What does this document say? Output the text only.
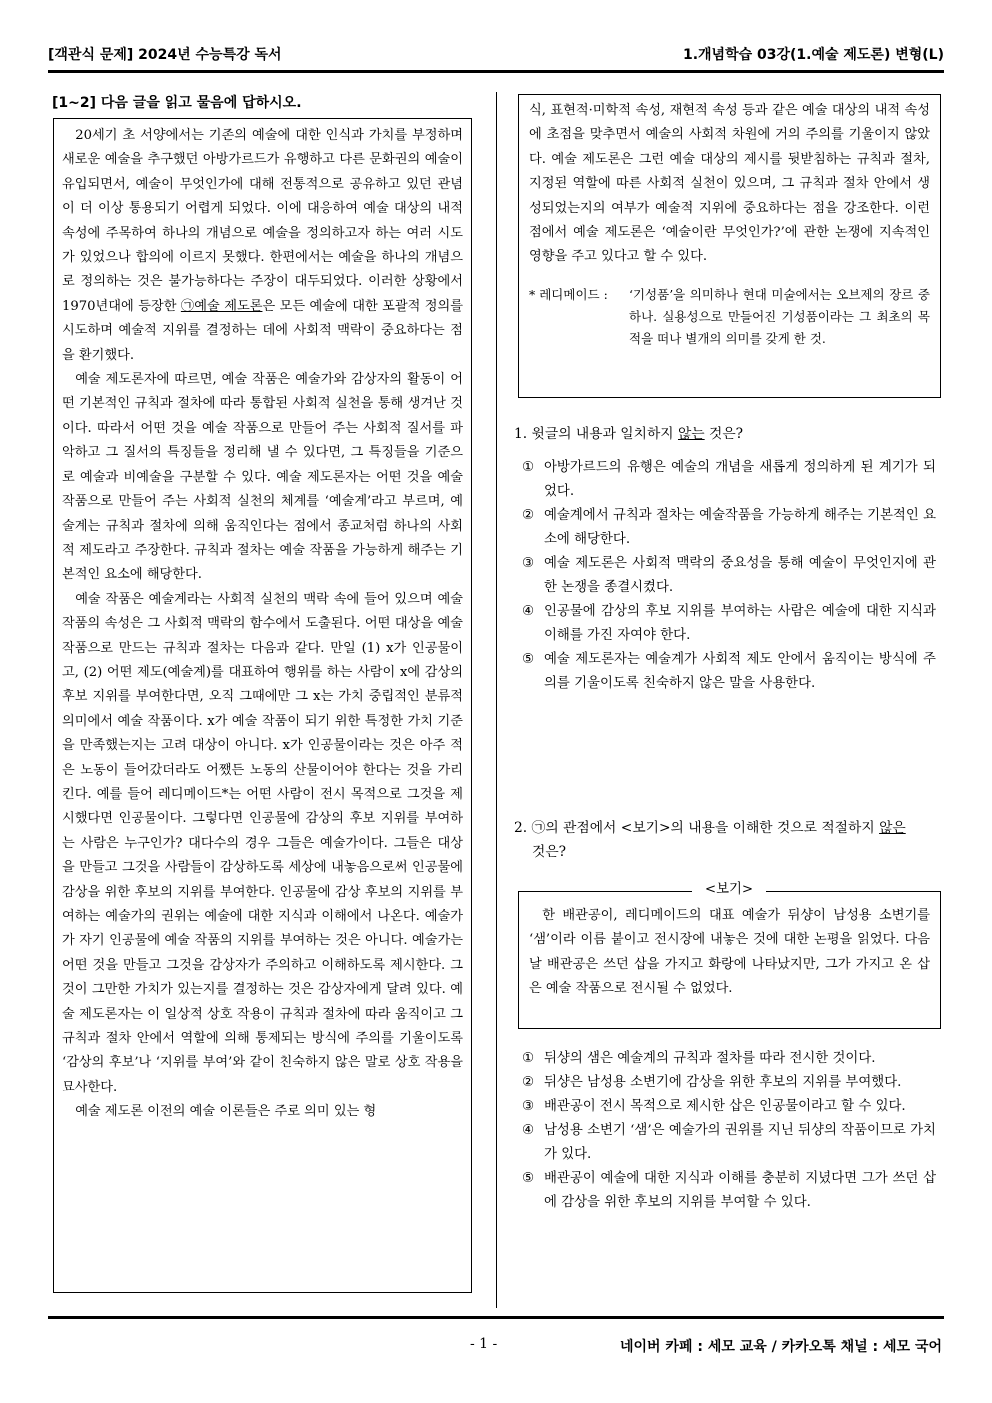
[객관식 문제] 2024년 수능특강 독서	1.개념학습 03강(1.예술 제도론) 변형(L)
[1~2] 다음 글을 읽고 물음에 답하시오.

20세기 초 서양에서는 기존의 예술에 대한 인식과 가치를 부정하며 새로운 예술을 추구했던 아방가르드가 유행하고 다른 문화권의 예술이 유입되면서, 예술이 무엇인가에 대해 전통적으로 공유하고 있던 관념이 더 이상 통용되기 어렵게 되었다. 이에 대응하여 예술 대상의 내적 속성에 주목하여 하나의 개념으로 예술을 정의하고자 하는 여러 시도가 있었으나 합의에 이르지 못했다. 한편에서는 예술을 하나의 개념으로 정의하는 것은 불가능하다는 주장이 대두되었다. 이러한 상황에서 1970년대에 등장한 ㉠예술 제도론은 모든 예술에 대한 포괄적 정의를 시도하며 예술적 지위를 결정하는 데에 사회적 맥락이 중요하다는 점을 환기했다.

예술 제도론자에 따르면, 예술 작품은 예술가와 감상자의 활동이 어떤 기본적인 규칙과 절차에 따라 통합된 사회적 실천을 통해 생겨난 것이다. 따라서 어떤 것을 예술 작품으로 만들어 주는 사회적 질서를 파악하고 그 질서의 특징들을 정리해 낼 수 있다면, 그 특징들을 기준으로 예술과 비예술을 구분할 수 있다. 예술 제도론자는 어떤 것을 예술 작품으로 만들어 주는 사회적 실천의 체계를 ‘예술계’라고 부르며, 예술계는 규칙과 절차에 의해 움직인다는 점에서 종교처럼 하나의 사회적 제도라고 주장한다. 규칙과 절차는 예술 작품을 가능하게 해주는 기본적인 요소에 해당한다.

예술 작품은 예술계라는 사회적 실천의 맥락 속에 들어 있으며 예술 작품의 속성은 그 사회적 맥락의 함수에서 도출된다. 어떤 대상을 예술 작품으로 만드는 규칙과 절차는 다음과 같다. 만일 (1) x가 인공물이고, (2) 어떤 제도(예술계)를 대표하여 행위를 하는 사람이 x에 감상의 후보 지위를 부여한다면, 오직 그때에만 그 x는 가치 중립적인 분류적 의미에서 예술 작품이다. x가 예술 작품이 되기 위한 특정한 가치 기준을 만족했는지는 고려 대상이 아니다. x가 인공물이라는 것은 아주 적은 노동이 들어갔더라도 어쨌든 노동의 산물이어야 한다는 것을 가리킨다. 예를 들어 레디메이드*는 어떤 사람이 전시 목적으로 그것을 제시했다면 인공물이다. 그렇다면 인공물에 감상의 후보 지위를 부여하는 사람은 누구인가? 대다수의 경우 그들은 예술가이다. 그들은 대상을 만들고 그것을 사람들이 감상하도록 세상에 내놓음으로써 인공물에 감상을 위한 후보의 지위를 부여한다. 인공물에 감상 후보의 지위를 부여하는 예술가의 권위는 예술에 대한 지식과 이해에서 나온다. 예술가가 자기 인공물에 예술 작품의 지위를 부여하는 것은 아니다. 예술가는 어떤 것을 만들고 그것을 감상자가 주의하고 이해하도록 제시한다. 그것이 그만한 가치가 있는지를 결정하는 것은 감상자에게 달려 있다. 예술 제도론자는 이 일상적 상호 작용이 규칙과 절차에 따라 움직이고 그 규칙과 절차 안에서 역할에 의해 통제되는 방식에 주의를 기울이도록 ‘감상의 후보’나 ‘지위를 부여’와 같이 친숙하지 않은 말로 상호 작용을 묘사한다.

예술 제도론 이전의 예술 이론들은 주로 의미 있는 형

식, 표현적·미학적 속성, 재현적 속성 등과 같은 예술 대상의 내적 속성에 초점을 맞추면서 예술의 사회적 차원에 거의 주의를 기울이지 않았다. 예술 제도론은 그런 예술 대상의 제시를 뒷받침하는 규칙과 절차, 지정된 역할에 따른 사회적 실천이 있으며, 그 규칙과 절차 안에서 생성되었는지의 여부가 예술적 지위에 중요하다는 점을 강조한다. 이런 점에서 예술 제도론은 ‘예술이란 무엇인가?’에 관한 논쟁에 지속적인 영향을 주고 있다고 할 수 있다.

* 레디메이드 :	‘기성품’을 의미하나 현대 미술에서는 오브제의 장르 중 하나. 실용성으로 만들어진 기성품이라는 그 최초의 목적을 떠나 별개의 의미를 갖게 한 것.
1. 윗글의 내용과 일치하지 않는 것은?
① 아방가르드의 유행은 예술의 개념을 새롭게 정의하게 된 계기가 되었다.
② 예술계에서 규칙과 절차는 예술작품을 가능하게 해주는 기본적인 요소에 해당한다.
③ 예술 제도론은 사회적 맥락의 중요성을 통해 예술이 무엇인지에 관한 논쟁을 종결시켰다.
④ 인공물에 감상의 후보 지위를 부여하는 사람은 예술에 대한 지식과 이해를 가진 자여야 한다.
⑤ 예술 제도론자는 예술계가 사회적 제도 안에서 움직이는 방식에 주의를 기울이도록 친숙하지 않은 말을 사용한다.
2. ㉠의 관점에서 <보기>의 내용을 이해한 것으로 적절하지 않은
것은?

한 배관공이, 레디메이드의 대표 예술가 뒤샹이 남성용 소변기를 ‘샘’이라 이름 붙이고 전시장에 내놓은 것에 대한 논평을 읽었다. 다음 날 배관공은 쓰던 삽을 가지고 화랑에 나타났지만, 그가 가지고 온 삽은 예술 작품으로 전시될 수 없었다.

<보기>
① 뒤샹의 샘은 예술계의 규칙과 절차를 따라 전시한 것이다.
② 뒤샹은 남성용 소변기에 감상을 위한 후보의 지위를 부여했다.
③ 배관공이 전시 목적으로 제시한 삽은 인공물이라고 할 수 있다.
④ 남성용 소변기 ‘샘’은 예술가의 권위를 지닌 뒤샹의 작품이므로 가치가 있다.
⑤ 배관공이 예술에 대한 지식과 이해를 충분히 지녔다면 그가 쓰던 삽에 감상을 위한 후보의 지위를 부여할 수 있다.
- 1 -	네이버 카페 : 세모 교육 / 카카오톡 채널 : 세모 국어
